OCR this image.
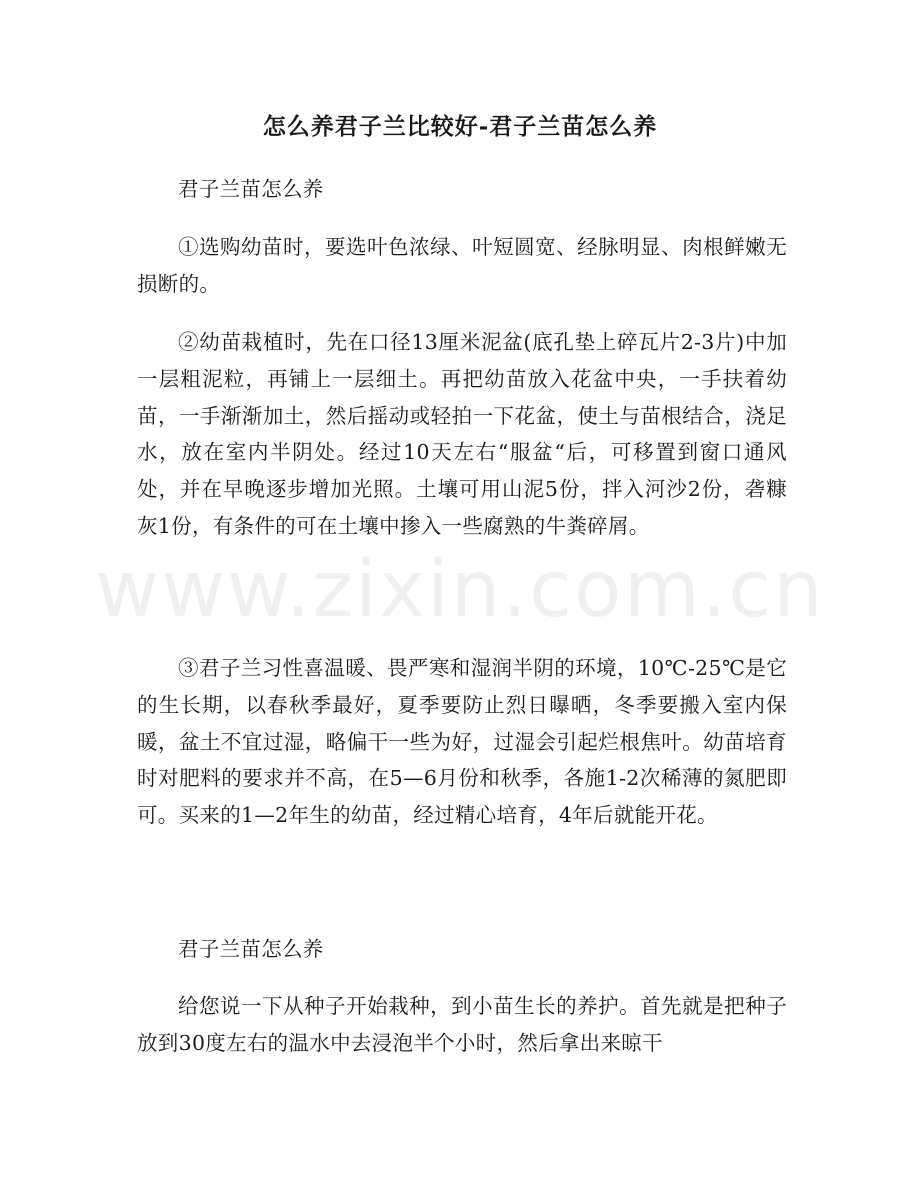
www.zixin.com.cn
怎么养君子兰比较好-君子兰苗怎么养

君子兰苗怎么养

①选购幼苗时，要选叶色浓绿、叶短圆宽、经脉明显、肉根鲜嫩无损断的。

②幼苗栽植时，先在口径13厘米泥盆(底孔垫上碎瓦片2-3片)中加一层粗泥粒，再铺上一层细土。再把幼苗放入花盆中央，一手扶着幼苗，一手渐渐加土，然后摇动或轻拍一下花盆，使土与苗根结合，浇足水，放在室内半阴处。经过10天左右“服盆“后，可移置到窗口通风处，并在早晚逐步增加光照。土壤可用山泥5份，拌入河沙2份，砻糠灰1份，有条件的可在土壤中掺入一些腐熟的牛粪碎屑。

③君子兰习性喜温暖、畏严寒和湿润半阴的环境，10℃-25℃是它的生长期，以春秋季最好，夏季要防止烈日曝晒，冬季要搬入室内保暖，盆土不宜过湿，略偏干一些为好，过湿会引起烂根焦叶。幼苗培育时对肥料的要求并不高，在5—6月份和秋季，各施1-2次稀薄的氮肥即可。买来的1—2年生的幼苗，经过精心培育，4年后就能开花。

君子兰苗怎么养

给您说一下从种子开始栽种，到小苗生长的养护。首先就是把种子放到30度左右的温水中去浸泡半个小时，然后拿出来晾干
